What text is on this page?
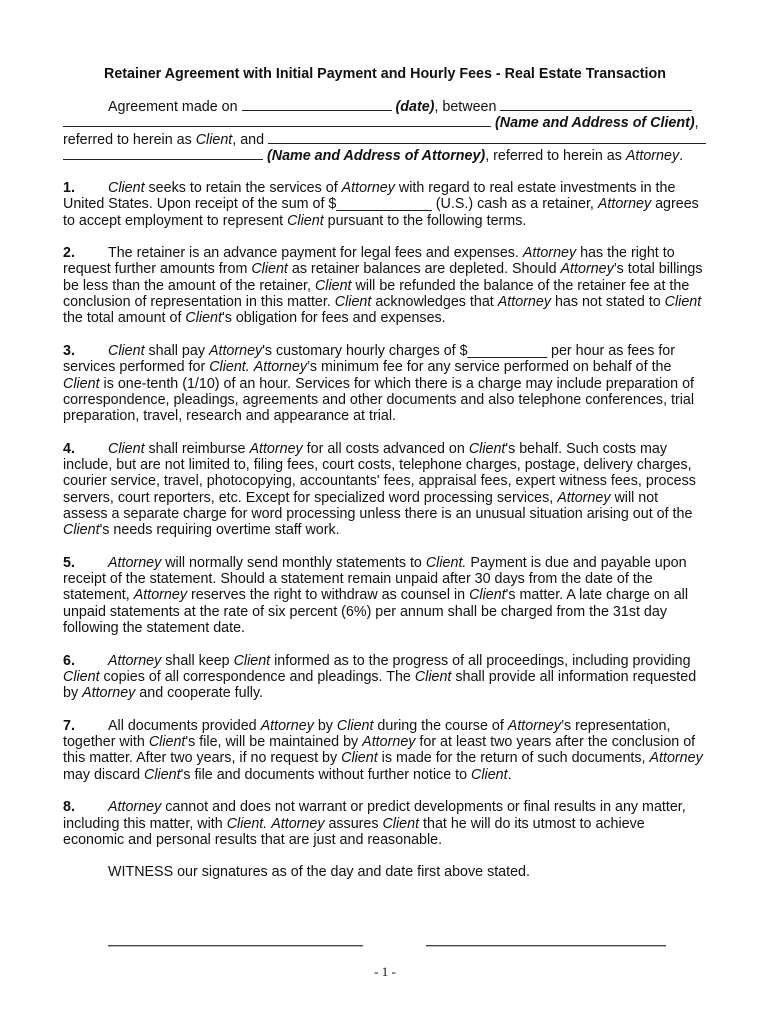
Retainer Agreement with Initial Payment and Hourly Fees - Real Estate Transaction
Agreement made on	(date), between
(Name and Address of Client),
referred to herein as Client, and
(Name and Address of Attorney), referred to herein as Attorney.

1. Client seeks to retain the services of Attorney with regard to real estate investments in the United States. Upon receipt of the sum of $____________ (U.S.) cash as a retainer, Attorney agrees to accept employment to represent Client pursuant to the following terms.

2. The retainer is an advance payment for legal fees and expenses. Attorney has the right to request further amounts from Client as retainer balances are depleted. Should Attorney’s total billings be less than the amount of the retainer, Client will be refunded the balance of the retainer fee at the conclusion of representation in this matter. Client acknowledges that Attorney has not stated to Client the total amount of Client's obligation for fees and expenses.

3. Client shall pay Attorney's customary hourly charges of $__________ per hour as fees for services performed for Client. Attorney’s minimum fee for any service performed on behalf of the Client is one-tenth (1/10) of an hour. Services for which there is a charge may include preparation of correspondence, pleadings, agreements and other documents and also telephone conferences, trial preparation, travel, research and appearance at trial.

4. Client shall reimburse Attorney for all costs advanced on Client's behalf. Such costs may include, but are not limited to, filing fees, court costs, telephone charges, postage, delivery charges, courier service, travel, photocopying, accountants' fees, appraisal fees, expert witness fees, process servers, court reporters, etc. Except for specialized word processing services, Attorney will not assess a separate charge for word processing unless there is an unusual situation arising out of the Client's needs requiring overtime staff work.

5. Attorney will normally send monthly statements to Client. Payment is due and payable upon receipt of the statement. Should a statement remain unpaid after 30 days from the date of the statement, Attorney reserves the right to withdraw as counsel in Client's matter. A late charge on all unpaid statements at the rate of six percent (6%) per annum shall be charged from the 31st day following the statement date.

6. Attorney shall keep Client informed as to the progress of all proceedings, including providing Client copies of all correspondence and pleadings. The Client shall provide all information requested by Attorney and cooperate fully.

7. All documents provided Attorney by Client during the course of Attorney’s representation, together with Client's file, will be maintained by Attorney for at least two years after the conclusion of this matter. After two years, if no request by Client is made for the return of such documents, Attorney may discard Client's file and documents without further notice to Client.

8. Attorney cannot and does not warrant or predict developments or final results in any matter, including this matter, with Client. Attorney assures Client that he will do its utmost to achieve economic and personal results that are just and reasonable.

WITNESS our signatures as of the day and date first above stated.

- 1 -
